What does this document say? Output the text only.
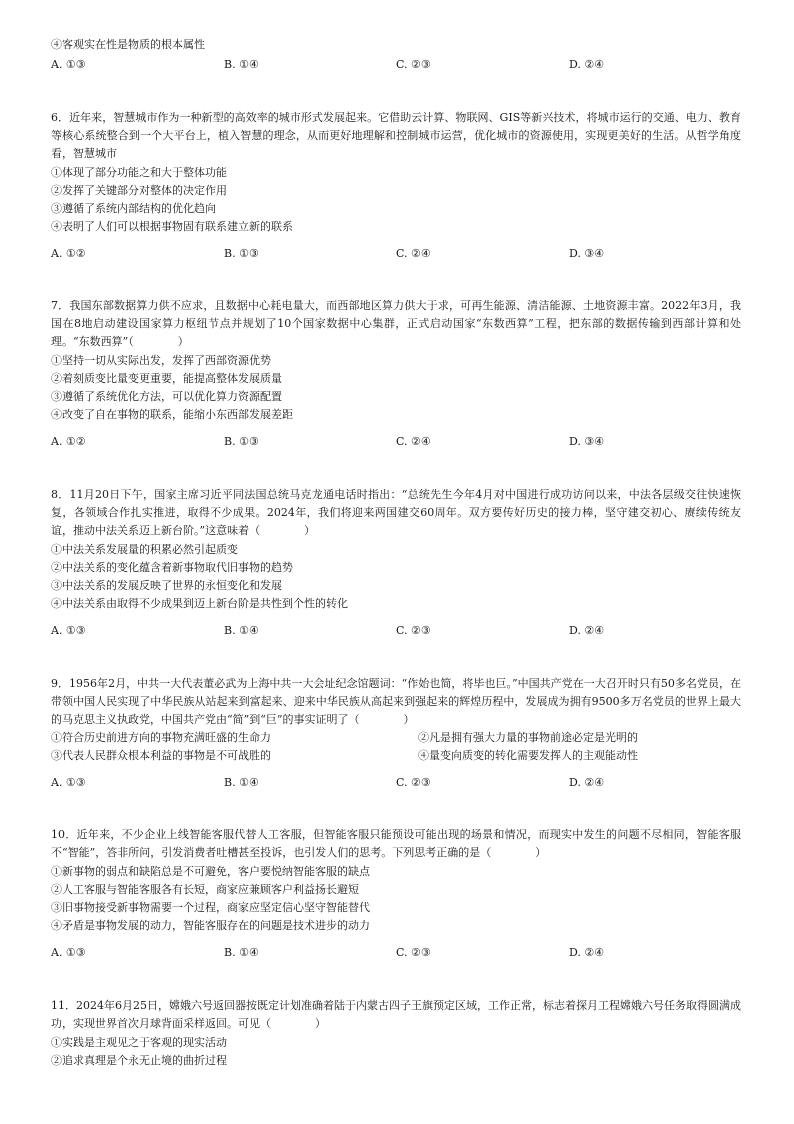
④客观实在性是物质的根本属性
A. ①③	B. ①④	C. ②③	D. ②④
6．近年来，智慧城市作为一种新型的高效率的城市形式发展起来。它借助云计算、物联网、GIS等新兴技术，将城市运行的交通、电力、教育等核心系统整合到一个大平台上，植入智慧的理念，从而更好地理解和控制城市运营，优化城市的资源使用，实现更美好的生活。从哲学角度看，智慧城市
①体现了部分功能之和大于整体功能
②发挥了关键部分对整体的决定作用
③遵循了系统内部结构的优化趋向
④表明了人们可以根据事物固有联系建立新的联系
A. ①②	B. ①③	C. ②④	D. ③④
7．我国东部数据算力供不应求，且数据中心耗电量大，而西部地区算力供大于求，可再生能源、清洁能源、土地资源丰富。2022年3月，我国在8地启动建设国家算力枢纽节点并规划了10个国家数据中心集群，正式启动国家“东数西算”工程，把东部的数据传输到西部计算和处理。“东数西算”（　　　　）
①坚持一切从实际出发，发挥了西部资源优势
②着刻质变比量变更重要，能提高整体发展质量
③遵循了系统优化方法，可以优化算力资源配置
④改变了自在事物的联系，能缩小东西部发展差距
A. ①②	B. ①③	C. ②④	D. ③④
8．11月20日下午，国家主席习近平同法国总统马克龙通电话时指出：“总统先生今年4月对中国进行成功访问以来，中法各层级交往快速恢复，各领域合作扎实推进，取得不少成果。2024年，我们将迎来两国建交60周年。双方要传好历史的接力棒，坚守建交初心、赓续传统友谊，推动中法关系迈上新台阶。”这意味着（　　　　）
①中法关系发展量的积累必然引起质变
②中法关系的变化蕴含着新事物取代旧事物的趋势
③中法关系的发展反映了世界的永恒变化和发展
④中法关系由取得不少成果到迈上新台阶是共性到个性的转化
A. ①③	B. ①④	C. ②③	D. ②④
9．1956年2月，中共一大代表董必武为上海中共一大会址纪念馆题词：“作始也简，将毕也巨。”中国共产党在一大召开时只有50多名党员，在带领中国人民实现了中华民族从站起来到富起来、迎来中华民族从高起来到强起来的辉煌历程中，发展成为拥有9500多万名党员的世界上最大的马克思主义执政党，中国共产党由“简”到“巨”的事实证明了（　　　　）
①符合历史前进方向的事物充满旺盛的生命力	②凡是拥有强大力量的事物前途必定是光明的
③代表人民群众根本利益的事物是不可战胜的	④量变向质变的转化需要发挥人的主观能动性
A. ①③	B. ①④	C. ②③	D. ②④
10．近年来，不少企业上线智能客服代替人工客服，但智能客服只能预设可能出现的场景和情况，而现实中发生的问题不尽相同，智能客服不“智能”，答非所问，引发消费者吐槽甚至投诉，也引发人们的思考。下列思考正确的是（　　　　）
①新事物的弱点和缺陷总是不可避免，客户要悦纳智能客服的缺点
②人工客服与智能客服各有长短，商家应兼顾客户利益扬长避短
③旧事物接受新事物需要一个过程，商家应坚定信心坚守智能替代
④矛盾是事物发展的动力，智能客服存在的问题是技术进步的动力
A. ①③	B. ①④	C. ②③	D. ②④
11．2024年6月25日，嫦娥六号返回器按既定计划准确着陆于内蒙古四子王旗预定区域，工作正常，标志着探月工程嫦娥六号任务取得圆满成功，实现世界首次月球背面采样返回。可见（　　　　）
①实践是主观见之于客观的现实活动
②追求真理是个永无止境的曲折过程
